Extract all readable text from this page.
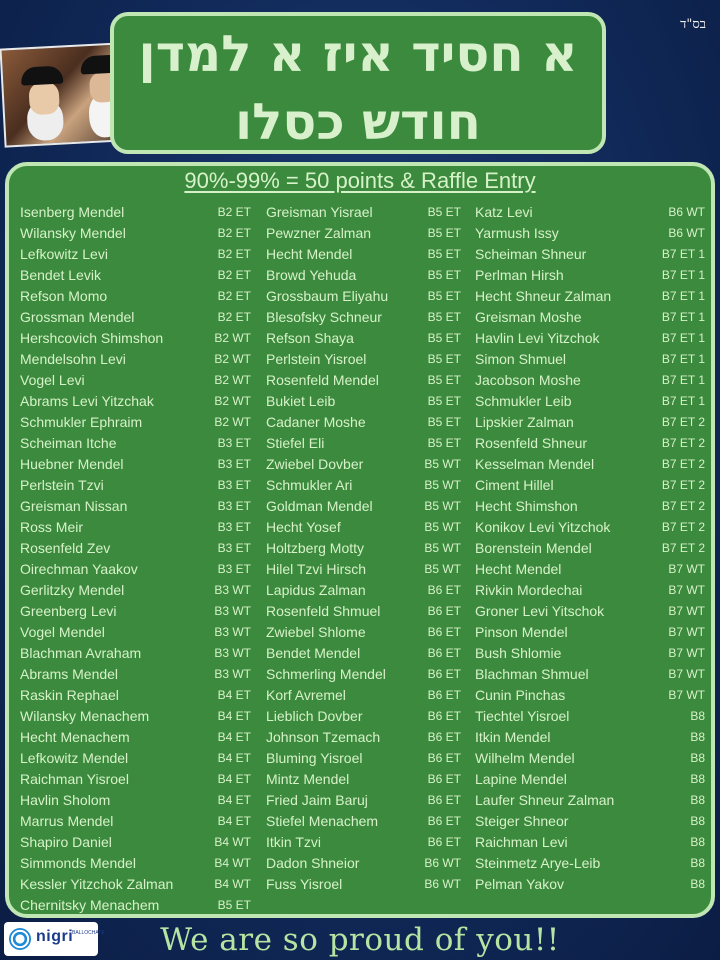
בס"ד
א חסיד איז א למדן
חודש כסלו
90%-99% = 50 points & Raffle Entry
Isenberg Mendel	B2 ET
Wilansky Mendel	B2 ET
Lefkowitz Levi	B2 ET
Bendet Levik	B2 ET
Refson Momo	B2 ET
Grossman Mendel	B2 ET
Hershcovich Shimshon	B2 WT
Mendelsohn Levi	B2 WT
Vogel Levi	B2 WT
Abrams Levi Yitzchak	B2 WT
Schmukler Ephraim	B2 WT
Scheiman Itche	B3 ET
Huebner Mendel	B3 ET
Perlstein Tzvi	B3 ET
Greisman Nissan	B3 ET
Ross Meir	B3 ET
Rosenfeld Zev	B3 ET
Oirechman Yaakov	B3 ET
Gerlitzky Mendel	B3 WT
Greenberg Levi	B3 WT
Vogel Mendel	B3 WT
Blachman Avraham	B3 WT
Abrams Mendel	B3 WT
Raskin Rephael	B4 ET
Wilansky Menachem	B4 ET
Hecht Menachem	B4 ET
Lefkowitz Mendel	B4 ET
Raichman Yisroel	B4 ET
Havlin Sholom	B4 ET
Marrus Mendel	B4 ET
Shapiro Daniel	B4 WT
Simmonds Mendel	B4 WT
Kessler Yitzchok Zalman	B4 WT
Chernitsky Menachem	B5 ET
Greisman Yisrael	B5 ET
Pewzner Zalman	B5 ET
Hecht Mendel	B5 ET
Browd Yehuda	B5 ET
Grossbaum Eliyahu	B5 ET
Blesofsky Schneur	B5 ET
Refson Shaya	B5 ET
Perlstein Yisroel	B5 ET
Rosenfeld Mendel	B5 ET
Bukiet Leib	B5 ET
Cadaner Moshe	B5 ET
Stiefel Eli	B5 ET
Zwiebel Dovber	B5 WT
Schmukler Ari	B5 WT
Goldman Mendel	B5 WT
Hecht Yosef	B5 WT
Holtzberg Motty	B5 WT
Hilel Tzvi Hirsch	B5 WT
Lapidus Zalman	B6 ET
Rosenfeld Shmuel	B6 ET
Zwiebel Shlome	B6 ET
Bendet Mendel	B6 ET
Schmerling Mendel	B6 ET
Korf Avremel	B6 ET
Lieblich Dovber	B6 ET
Johnson Tzemach	B6 ET
Bluming Yisroel	B6 ET
Mintz Mendel	B6 ET
Fried Jaim Baruj	B6 ET
Stiefel Menachem	B6 ET
Itkin Tzvi	B6 ET
Dadon Shneior	B6 WT
Fuss Yisroel	B6 WT
Katz Levi	B6 WT
Yarmush Issy	B6 WT
Scheiman Shneur	B7 ET 1
Perlman Hirsh	B7 ET 1
Hecht Shneur Zalman	B7 ET 1
Greisman Moshe	B7 ET 1
Havlin Levi Yitzchok	B7 ET 1
Simon Shmuel	B7 ET 1
Jacobson Moshe	B7 ET 1
Schmukler Leib	B7 ET 1
Lipskier Zalman	B7 ET 2
Rosenfeld Shneur	B7 ET 2
Kesselman Mendel	B7 ET 2
Ciment Hillel	B7 ET 2
Hecht Shimshon	B7 ET 2
Konikov Levi Yitzchok	B7 ET 2
Borenstein Mendel	B7 ET 2
Hecht Mendel	B7 WT
Rivkin Mordechai	B7 WT
Groner Levi Yitschok	B7 WT
Pinson Mendel	B7 WT
Bush Shlomie	B7 WT
Blachman Shmuel	B7 WT
Cunin Pinchas	B7 WT
Tiechtel Yisroel	B8
Itkin Mendel	B8
Wilhelm Mendel	B8
Lapine Mendel	B8
Laufer Shneur Zalman	B8
Steiger Shneor	B8
Raichman Levi	B8
Steinmetz Arye-Leib	B8
Pelman Yakov	B8
nigri
BALLOCHATE	We are so proud of you!!
